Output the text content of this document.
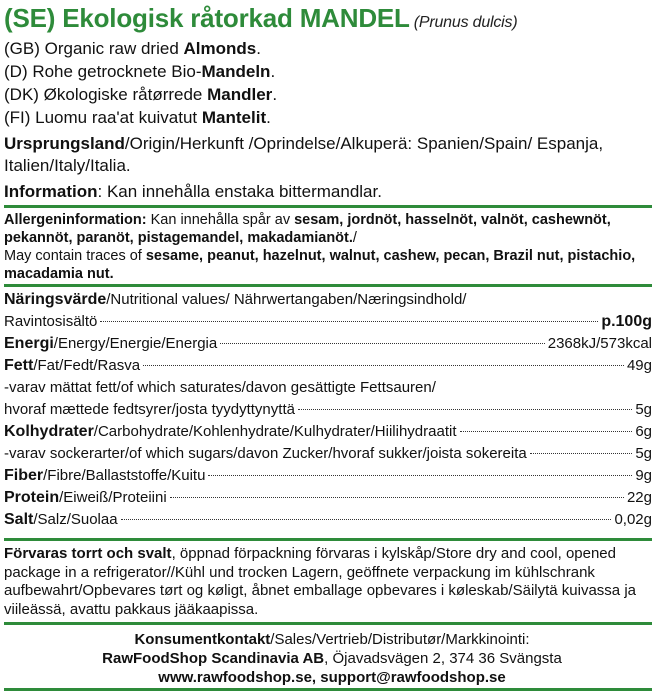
(SE) Ekologisk råtorkad MANDEL (Prunus dulcis)
(GB) Organic raw dried Almonds.
(D) Rohe getrocknete Bio-Mandeln.
(DK) Økologiske råtørrede Mandler.
(FI) Luomu raa'at kuivatut Mantelit.
Ursprungsland/Origin/Herkunft /Oprindelse/Alkuperä: Spanien/Spain/ Espanja, Italien/Italy/Italia.
Information: Kan innehålla enstaka bittermandlar.
Allergeninformation: Kan innehålla spår av sesam, jordnöt, hasselnöt, valnöt, cashewnöt, pekannöt, paranöt, pistagemandel, makadamianöt./
May contain traces of sesame, peanut, hazelnut, walnut, cashew, pecan, Brazil nut, pistachio, macadamia nut.
Näringsvärde/Nutritional values/ Nährwertangaben/Næringsindhold/
Ravintosisältö	p.100g
Energi/Energy/Energie/Energia	2368kJ/573kcal
Fett/Fat/Fedt/Rasva	49g
-varav mättat fett/of which saturates/davon gesättigte Fettsauren/
hvoraf mættede fedtsyrer/josta tyydyttynyttä	5g
Kolhydrater/Carbohydrate/Kohlenhydrate/Kulhydrater/Hiilihydraatit	6g
-varav sockerarter/of which sugars/davon Zucker/hvoraf sukker/joista sokereita	5g
Fiber/Fibre/Ballaststoffe/Kuitu	9g
Protein/Eiweiß/Proteiini	22g
Salt/Salz/Suolaa	0,02g
Förvaras torrt och svalt, öppnad förpackning förvaras i kylskåp/Store dry and cool, opened package in a refrigerator//Kühl und trocken Lagern, geöffnete verpackung im kühlschrank aufbewahrt/Opbevares tørt og køligt, åbnet emballage opbevares i køleskab/Säilytä kuivassa ja viileässä, avattu pakkaus jääkaapissa.
Konsumentkontakt/Sales/Vertrieb/Distributør/Markkinointi:
RawFoodShop Scandinavia AB, Öjavadsvägen 2, 374 36 Svängsta
www.rawfoodshop.se, support@rawfoodshop.se
